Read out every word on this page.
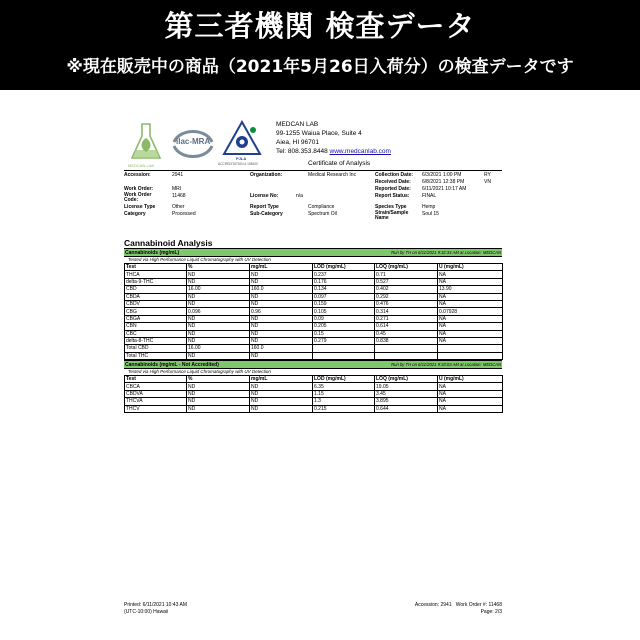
第三者機関 検査データ
※現在販売中の商品（2021年5月26日入荷分）の検査データです
MEDCAN LAB
ilac-MRA
PJLA
ACCREDITATION # 108400
MEDCAN LAB
99-1255 Waiua Place, Suite 4
Aiea, HI 96701
Tel: 808.353.8448 www.medcanlab.com
Certificate of Analysis
Accession:	2941	Organization:	Medical Research Inc	Collection Date: 6/3/2021 1:00 PM	RY
Received Date: 6/8/2021 12:38 PM	VN
Work Order:	MRI	Reported Date: 6/11/2021 10:17 AM
Work Order Code:
11468	License No:	n/a	Report Status:	FINAL
License Type	Other	Report Type	Compliance	Species Type	Hemp
Category	Processed	Sub-Category	Spectrum Oil	Strain/Sample Name
Soul 15
Cannabinoid Analysis
Cannabinoids (mg/mL)	Run by TH on 6/11/2021 9:32:34 AM at Location: MEDCAN
Tested via High Performance Liquid Chromatography with UV Detection
Test	%	mg/mL	LOD (mg/mL)	LOQ (mg/mL)	U (mg/mL)
THCA	ND	ND	0.237	0.71	NA
delta-9-THC	ND	ND	0.176	0.527	NA
CBD	16.00	160.0	0.134	0.402	13.90
CBDA	ND	ND	0.097	0.292	NA
CBDV	ND	ND	0.159	0.476	NA
CBG	0.096	0.96	0.105	0.314	0.07928
CBGA	ND	ND	0.09	0.271	NA
CBN	ND	ND	0.205	0.614	NA
CBC	ND	ND	0.15	0.45	NA
delta-8-THC	ND	ND	0.279	0.838	NA
Total CBD	16.00	160.0			
Total THC	ND	ND			
Cannabinoids (mg/mL - Not Accredited)	Run by TH on 6/11/2021 9:33:03 AM at Location: MEDCAN
Tested via High Performance Liquid Chromatography with UV Detection
Test	%	mg/mL	LOD (mg/mL)	LOQ (mg/mL)	U (mg/mL)
CBCA	ND	ND	6.35	19.05	NA
CBDVA	ND	ND	1.15	3.45	NA
THCVA	ND	ND	1.3	3.895	NA
THCV	ND	ND	0.215	0.644	NA
Printed: 6/11/2021 10:43 AM
(UTC-10:00) Hawaii
Accession: 2941   Work Order #: 11468
Page: 2/3
